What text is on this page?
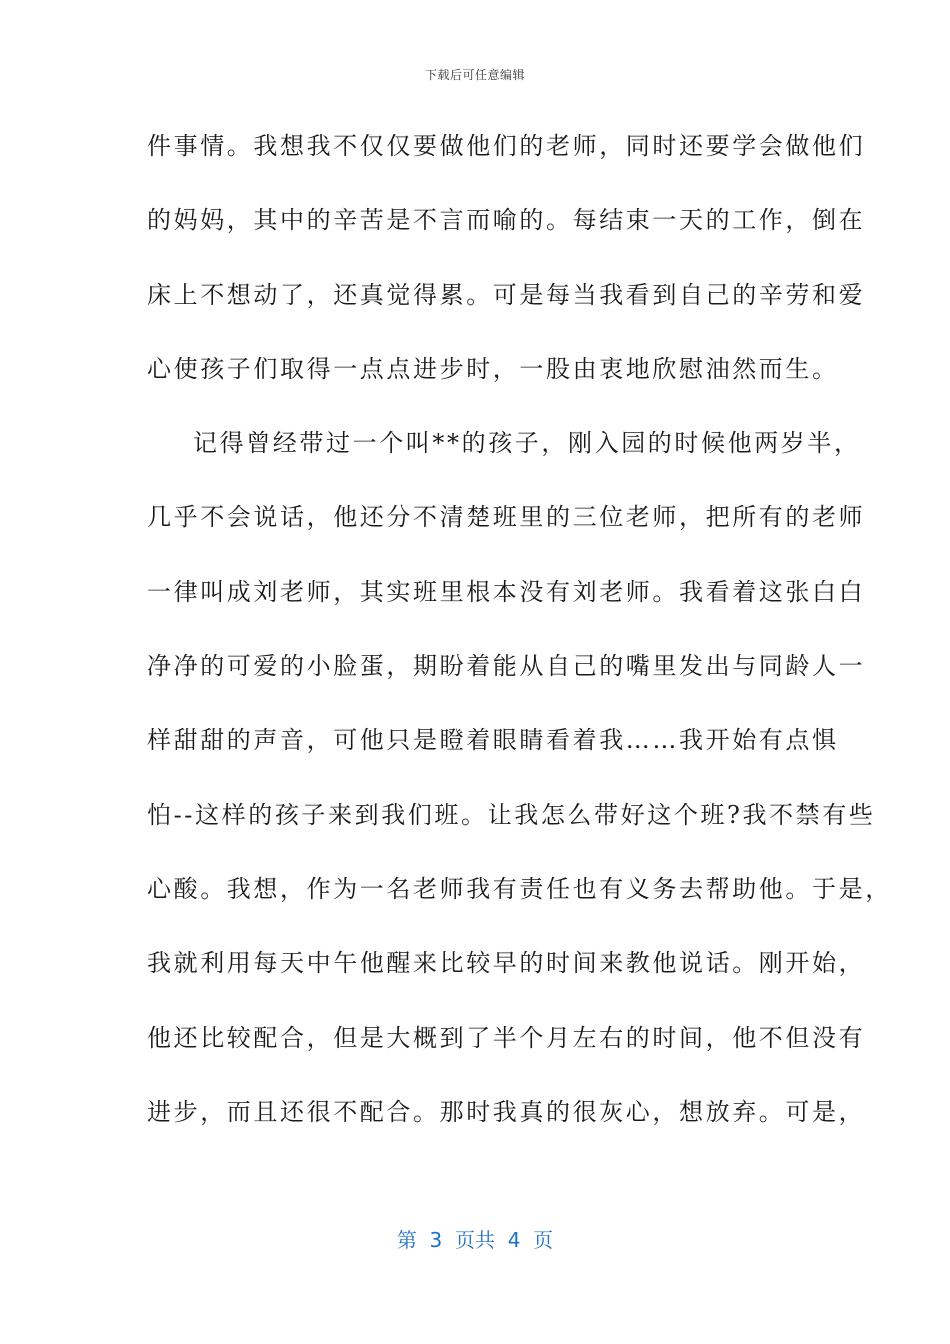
下载后可任意编辑
件事情。我想我不仅仅要做他们的老师，同时还要学会做他们
的妈妈，其中的辛苦是不言而喻的。每结束一天的工作，倒在
床上不想动了，还真觉得累。可是每当我看到自己的辛劳和爱
心使孩子们取得一点点进步时，一股由衷地欣慰油然而生。
记得曾经带过一个叫**的孩子，刚入园的时候他两岁半，
几乎不会说话，他还分不清楚班里的三位老师，把所有的老师
一律叫成刘老师，其实班里根本没有刘老师。我看着这张白白
净净的可爱的小脸蛋，期盼着能从自己的嘴里发出与同龄人一
样甜甜的声音，可他只是瞪着眼睛看着我……我开始有点惧
怕--这样的孩子来到我们班。让我怎么带好这个班?我不禁有些
心酸。我想，作为一名老师我有责任也有义务去帮助他。于是，
我就利用每天中午他醒来比较早的时间来教他说话。刚开始，
他还比较配合，但是大概到了半个月左右的时间，他不但没有
进步，而且还很不配合。那时我真的很灰心，想放弃。可是，
第  3  页共  4  页
